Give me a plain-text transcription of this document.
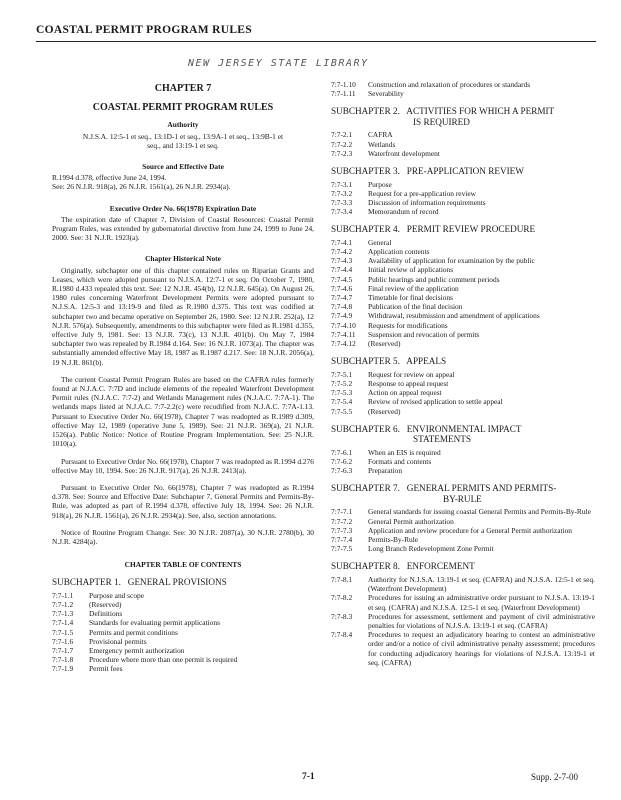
COASTAL PERMIT PROGRAM RULES
NEW JERSEY STATE LIBRARY
CHAPTER 7
COASTAL PERMIT PROGRAM RULES
Authority
N.J.S.A. 12:5-1 et seq., 13:1D-1 et seq., 13:9A-1 et seq., 13:9B-1 et seq., and 13:19-1 et seq.
Source and Effective Date
R.1994 d.378, effective June 24, 1994.
See: 26 N.J.R. 918(a), 26 N.J.R. 1561(a), 26 N.J.R. 2934(a).
Executive Order No. 66(1978) Expiration Date
The expiration date of Chapter 7, Division of Coastal Resources: Coastal Permit Program Rules, was extended by gubernatorial directive from June 24, 1999 to June 24, 2000. See: 31 N.J.R. 1923(a).
Chapter Historical Note
Originally, subchapter one of this chapter contained rules on Riparian Grants and Leases, which were adopted pursuant to N.J.S.A. 12:7-1 et seq. On October 7, 1980, R.1980 d.433 repealed this text. See: 12 N.J.R. 454(b), 12 N.J.R. 645(a). On August 26, 1980 rules concerning Waterfront Development Permits were adopted pursuant to N.J.S.A. 12:5-3 and 13:19-9 and filed as R.1980 d.375. This text was codified at subchapter two and became operative on September 26, 1980. See: 12 N.J.R. 252(a), 12 N.J.R. 576(a). Subsequently, amendments to this subchapter were filed as R.1981 d.355, effective July 9, 1981. See: 13 N.J.R. 73(c), 13 N.J.R. 401(b). On May 7, 1984 subchapter two was repealed by R.1984 d.164. See: 16 N.J.R. 1073(a). The chapter was substantially amended effective May 18, 1987 as R.1987 d.217. See: 18 N.J.R. 2056(a), 19 N.J.R. 861(b).
The current Coastal Permit Program Rules are based on the CAFRA rules formerly found at N.J.A.C. 7:7D and include elements of the repealed Waterfront Development Permit rules (N.J.A.C. 7:7-2) and Wetlands Management rules (N.J.A.C. 7:7A-1). The wetlands maps listed at N.J.A.C. 7:7-2.2(c) were recodified from N.J.A.C. 7:7A-1.13. Pursuant to Executive Order No. 66(1978), Chapter 7 was readopted as R.1989 d.309, effective May 12, 1989 (operative June 5, 1989). See: 21 N.J.R. 369(a), 21 N.J.R. 1526(a). Public Notice: Notice of Routine Program Implementation. See: 25 N.J.R. 1010(a).
Pursuant to Executive Order No. 66(1978), Chapter 7 was readopted as R.1994 d.276 effective May 10, 1994. See: 26 N.J.R. 917(a), 26 N.J.R. 2413(a).
Pursuant to Executive Order No. 66(1978), Chapter 7 was readopted as R.1994 d.378. See: Source and Effective Date: Subchapter 7, General Permits and Permits-By-Rule, was adopted as part of R.1994 d.378, effective July 18, 1994. See: 26 N.J.R. 918(a), 26 N.J.R. 1561(a), 26 N.J.R. 2934(a). See, also, section annotations.
Notice of Routine Program Change. See: 30 N.J.R. 2087(a), 30 N.J.R. 2780(b), 30 N.J.R. 4284(a).
CHAPTER TABLE OF CONTENTS
SUBCHAPTER 1.   GENERAL PROVISIONS
7:7-1.1	Purpose and scope
7:7-1.2	(Reserved)
7:7-1.3	Definitions
7:7-1.4	Standards for evaluating permit applications
7:7-1.5	Permits and permit conditions
7:7-1.6	Provisional permits
7:7-1.7	Emergency permit authorization
7:7-1.8	Procedure where more than one permit is required
7:7-1.9	Permit fees
7:7-1.10	Construction and relaxation of procedures or standards
7:7-1.11	Severability
SUBCHAPTER 2.   ACTIVITIES FOR WHICH A PERMIT
IS REQUIRED
7:7-2.1	CAFRA
7:7-2.2	Wetlands
7:7-2.3	Waterfront development
SUBCHAPTER 3.   PRE-APPLICATION REVIEW
7:7-3.1	Purpose
7:7-3.2	Request for a pre-application review
7:7-3.3	Discussion of information requirements
7:7-3.4	Memorandum of record
SUBCHAPTER 4.   PERMIT REVIEW PROCEDURE
7:7-4.1	General
7:7-4.2	Application contents
7:7-4.3	Availability of application for examination by the public
7:7-4.4	Initial review of applications
7:7-4.5	Public hearings and public comment periods
7:7-4.6	Final review of the application
7:7-4.7	Timetable for final decisions
7:7-4.8	Publication of the final decision
7:7-4.9	Withdrawal, resubmission and amendment of applications
7:7-4.10	Requests for modifications
7:7-4.11	Suspension and revocation of permits
7:7-4.12	(Reserved)
SUBCHAPTER 5.   APPEALS
7:7-5.1	Request for review on appeal
7:7-5.2	Response to appeal request
7:7-5.3	Action on appeal request
7:7-5.4	Review of revised application to settle appeal
7:7-5.5	(Reserved)
SUBCHAPTER 6.   ENVIRONMENTAL IMPACT
STATEMENTS
7:7-6.1	When an EIS is required
7:7-6.2	Formats and contents
7:7-6.3	Preparation
SUBCHAPTER 7.   GENERAL PERMITS AND PERMITS-
BY-RULE
7:7-7.1	General standards for issuing coastal General Permits and Permits-By-Rule
7:7-7.2	General Permit authorization
7:7-7.3	Application and review procedure for a General Permit authorization
7:7-7.4	Permits-By-Rule
7:7-7.5	Long Branch Redevelopment Zone Permit
SUBCHAPTER 8.   ENFORCEMENT
7:7-8.1	Authority for N.J.S.A. 13:19-1 et seq. (CAFRA) and N.J.S.A. 12:5-1 et seq. (Waterfront Development)
7:7-8.2	Procedures for issuing an administrative order pursuant to N.J.S.A. 13:19-1 et seq. (CAFRA) and N.J.S.A. 12:5-1 et seq. (Waterfront Development)
7:7-8.3	Procedures for assessment, settlement and payment of civil administrative penalties for violations of N.J.S.A. 13:19-1 et seq. (CAFRA)
7:7-8.4	Procedures to request an adjudicatory hearing to contest an administrative order and/or a notice of civil administrative penalty assessment; procedures for conducting adjudicatory hearings for violations of N.J.S.A. 13:19-1 et seq. (CAFRA)
7-1	Supp. 2-7-00
